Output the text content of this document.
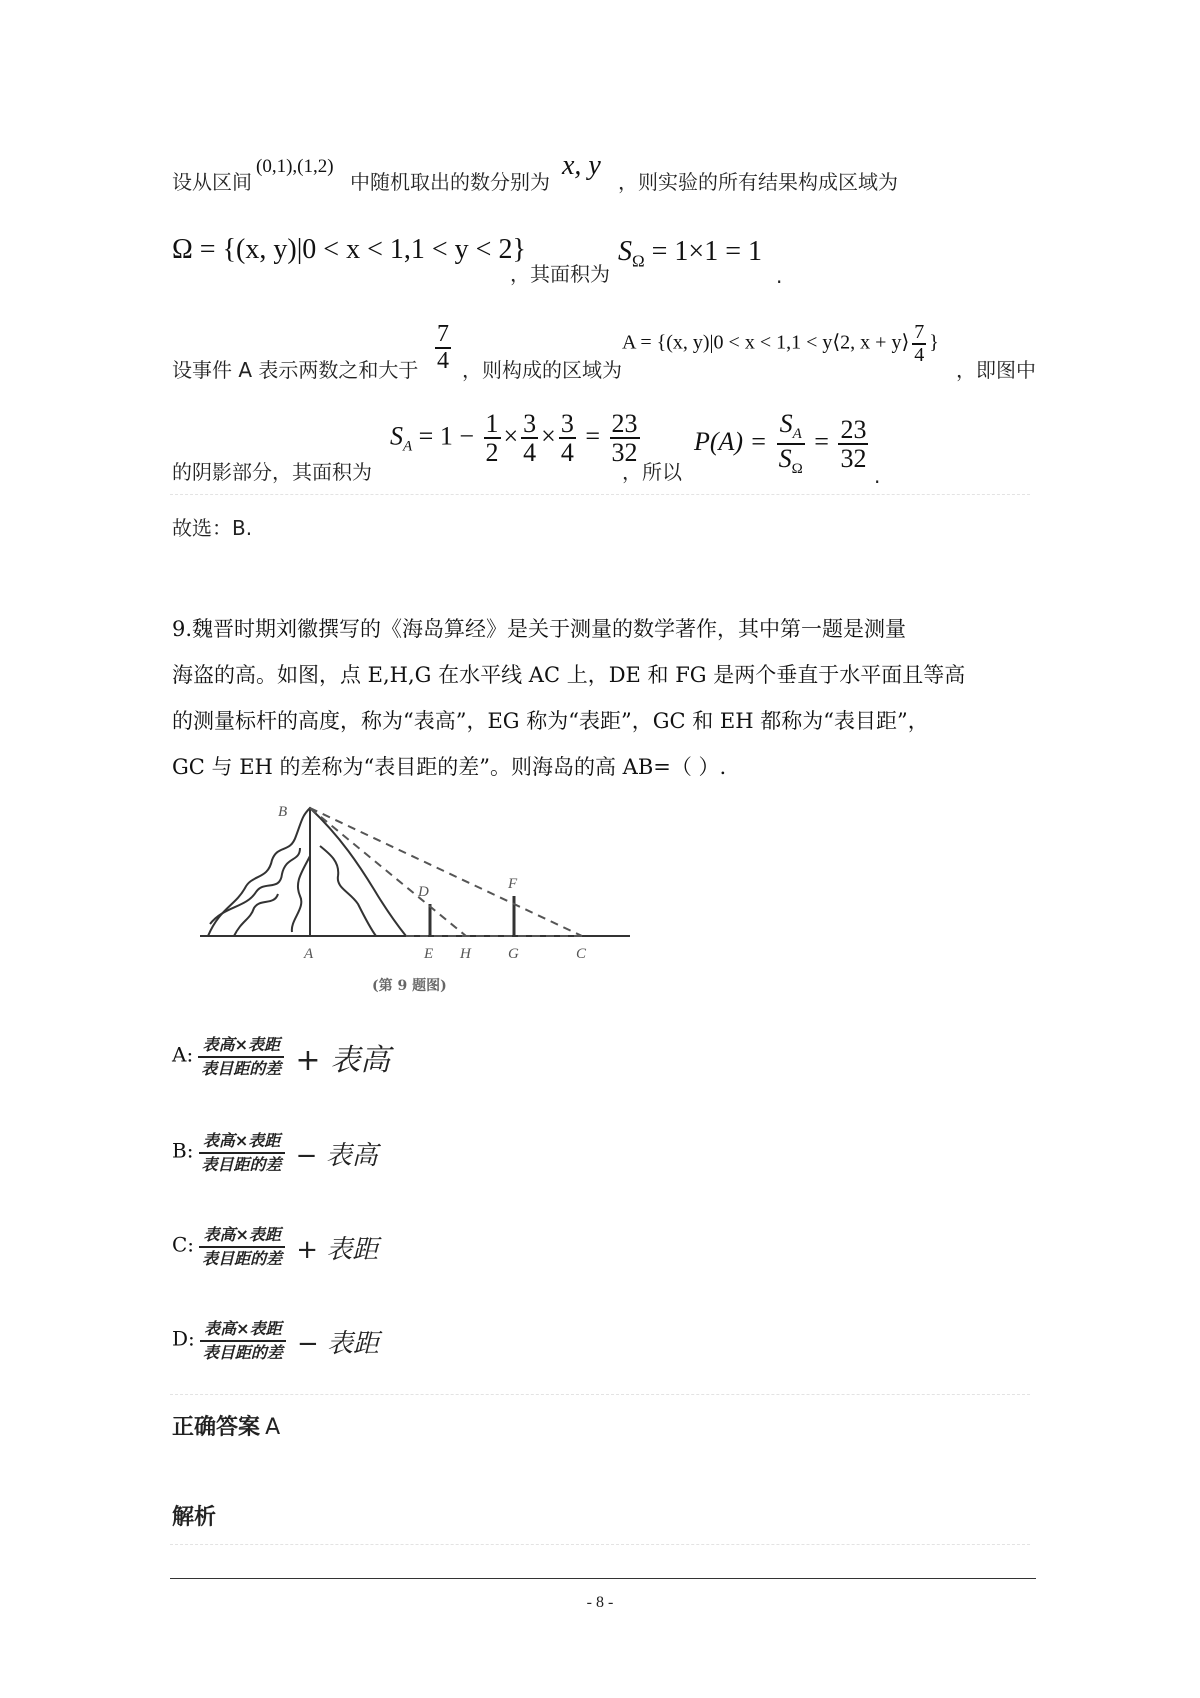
设从区间
(0,1),(1,2)
中随机取出的数分别为
x, y
，则实验的所有结果构成区域为
Ω = {(x, y)|0 < x < 1,1 < y < 2}
，其面积为
$S_\Omega = 1\times 1 = 1$
.
设事件 A 表示两数之和大于 $\frac{7}{4}$ ，则构成的区域为
A = {(x, y)|0 < x < 1,1 < y⟨2, x + y⟩ $\frac{7}{4}$ }
，即图中
的阴影部分，其面积为
$S_A = 1 - \frac{1}{2} \times \frac{3}{4} \times \frac{3}{4} = \frac{23}{32}$
，所以
$P(A) = \frac{S_A}{S_\Omega} = \frac{23}{32}$
.
故选：B.
9.魏晋时期刘徽撰写的《海岛算经》是关于测量的数学著作，其中第一题是测量
海盗的高。如图，点 E,H,G 在水平线 AC 上，DE 和 FG 是两个垂直于水平面且等高
的测量标杆的高度，称为“表高”，EG 称为“表距”，GC 和 EH 都称为“表目距”，
GC 与 EH 的差称为“表目距的差”。则海岛的高 AB=（ ）.
B
D	F
A	E H G	C
(第 9 题图)
A: $\frac{\text{表高×表距}}{\text{表目距的差}}$ + 表高
B: $\frac{\text{表高×表距}}{\text{表目距的差}}$ − 表高
C: $\frac{\text{表高×表距}}{\text{表目距的差}}$ + 表距
D: $\frac{\text{表高×表距}}{\text{表目距的差}}$ − 表距
正确答案 A
解析
- 8 -
